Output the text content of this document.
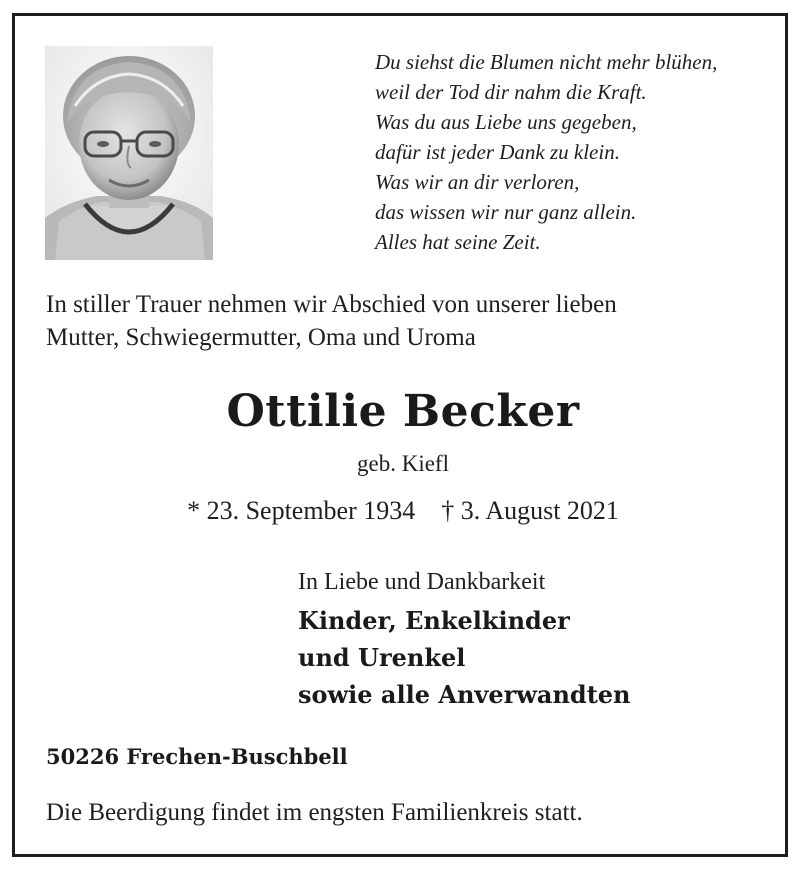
Du siehst die Blumen nicht mehr blühen,
weil der Tod dir nahm die Kraft.
Was du aus Liebe uns gegeben,
dafür ist jeder Dank zu klein.
Was wir an dir verloren,
das wissen wir nur ganz allein.
Alles hat seine Zeit.
In stiller Trauer nehmen wir Abschied von unserer lieben
Mutter, Schwiegermutter, Oma und Uroma
Ottilie Becker
geb. Kiefl
* 23. September 1934 † 3. August 2021
In Liebe und Dankbarkeit
Kinder, Enkelkinder
und Urenkel
sowie alle Anverwandten
50226 Frechen-Buschbell
Die Beerdigung findet im engsten Familienkreis statt.
